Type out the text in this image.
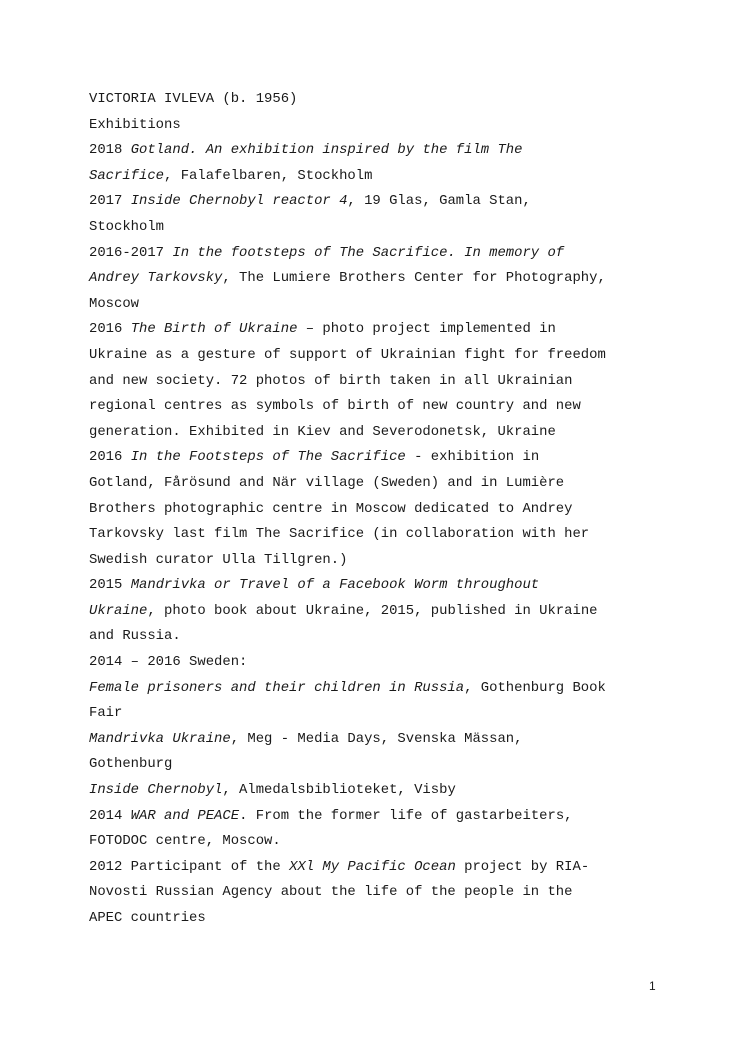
VICTORIA IVLEVA (b. 1956)
Exhibitions
2018 Gotland. An exhibition inspired by the film The
Sacrifice, Falafelbaren, Stockholm
2017 Inside Chernobyl reactor 4, 19 Glas, Gamla Stan,
Stockholm
2016-2017 In the footsteps of The Sacrifice. In memory of
Andrey Tarkovsky, The Lumiere Brothers Center for Photography,
Moscow
2016 The Birth of Ukraine – photo project implemented in
Ukraine as a gesture of support of Ukrainian fight for freedom
and new society. 72 photos of birth taken in all Ukrainian
regional centres as symbols of birth of new country and new
generation. Exhibited in Kiev and Severodonetsk, Ukraine
2016 In the Footsteps of The Sacrifice - exhibition in
Gotland, Fårösund and När village (Sweden) and in Lumière
Brothers photographic centre in Moscow dedicated to Andrey
Tarkovsky last film The Sacrifice (in collaboration with her
Swedish curator Ulla Tillgren.)
2015 Mandrivka or Travel of a Facebook Worm throughout
Ukraine, photo book about Ukraine, 2015, published in Ukraine
and Russia.
2014 – 2016 Sweden:
Female prisoners and their children in Russia, Gothenburg Book
Fair
Mandrivka Ukraine, Meg - Media Days, Svenska Mässan,
Gothenburg
Inside Chernobyl, Almedalsbiblioteket, Visby
2014 WAR and PEACE. From the former life of gastarbeiters,
FOTODOC centre, Moscow.
2012 Participant of the XXl My Pacific Ocean project by RIA-
Novosti Russian Agency about the life of the people in the
APEC countries
1
